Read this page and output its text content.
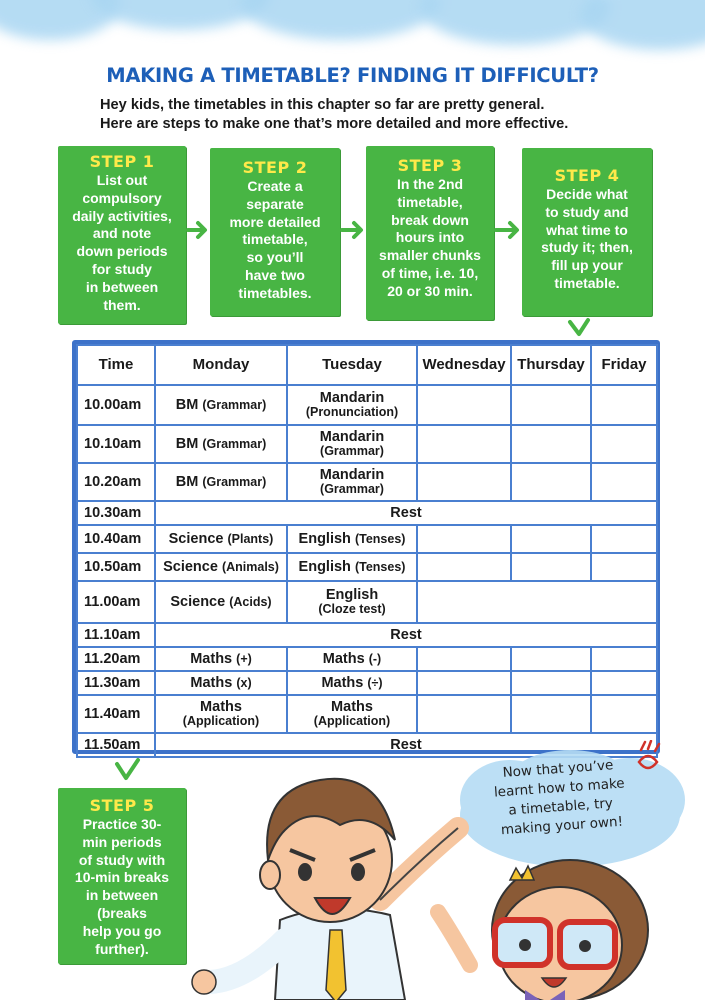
MAKING A TIMETABLE? FINDING IT DIFFICULT?
Hey kids, the timetables in this chapter so far are pretty general.
Here are steps to make one that’s more detailed and more effective.
STEP 1
List out
compulsory
daily activities,
and note
down periods
for study
in between
them.
STEP 2
Create a
separate
more detailed
timetable,
so you’ll
have two
timetables.
STEP 3
In the 2nd
timetable,
break down
hours into
smaller chunks
of time, i.e. 10,
20 or 30 min.
STEP 4
Decide what
to study and
what time to
study it; then,
fill up your
timetable.
Time	Monday	Tuesday	Wednesday	Thursday	Friday
10.00am	BM (Grammar)	Mandarin
(Pronunciation)			
10.10am	BM (Grammar)	Mandarin
(Grammar)			
10.20am	BM (Grammar)	Mandarin
(Grammar)			
10.30am	Rest				
10.40am	Science (Plants)	English (Tenses)			
10.50am	Science (Animals)	English (Tenses)			
11.00am	Science (Acids)	English
(Cloze test)			
11.10am	Rest				
11.20am	Maths (+)	Maths (-)			
11.30am	Maths (x)	Maths (÷)			
11.40am	Maths
(Application)	Maths
(Application)			
11.50am	Rest				
STEP 5
Practice 30-
min periods
of study with
10-min breaks
in between
(breaks
help you go
further).
Now that you’ve
learnt how to make
a timetable, try
making your own!
